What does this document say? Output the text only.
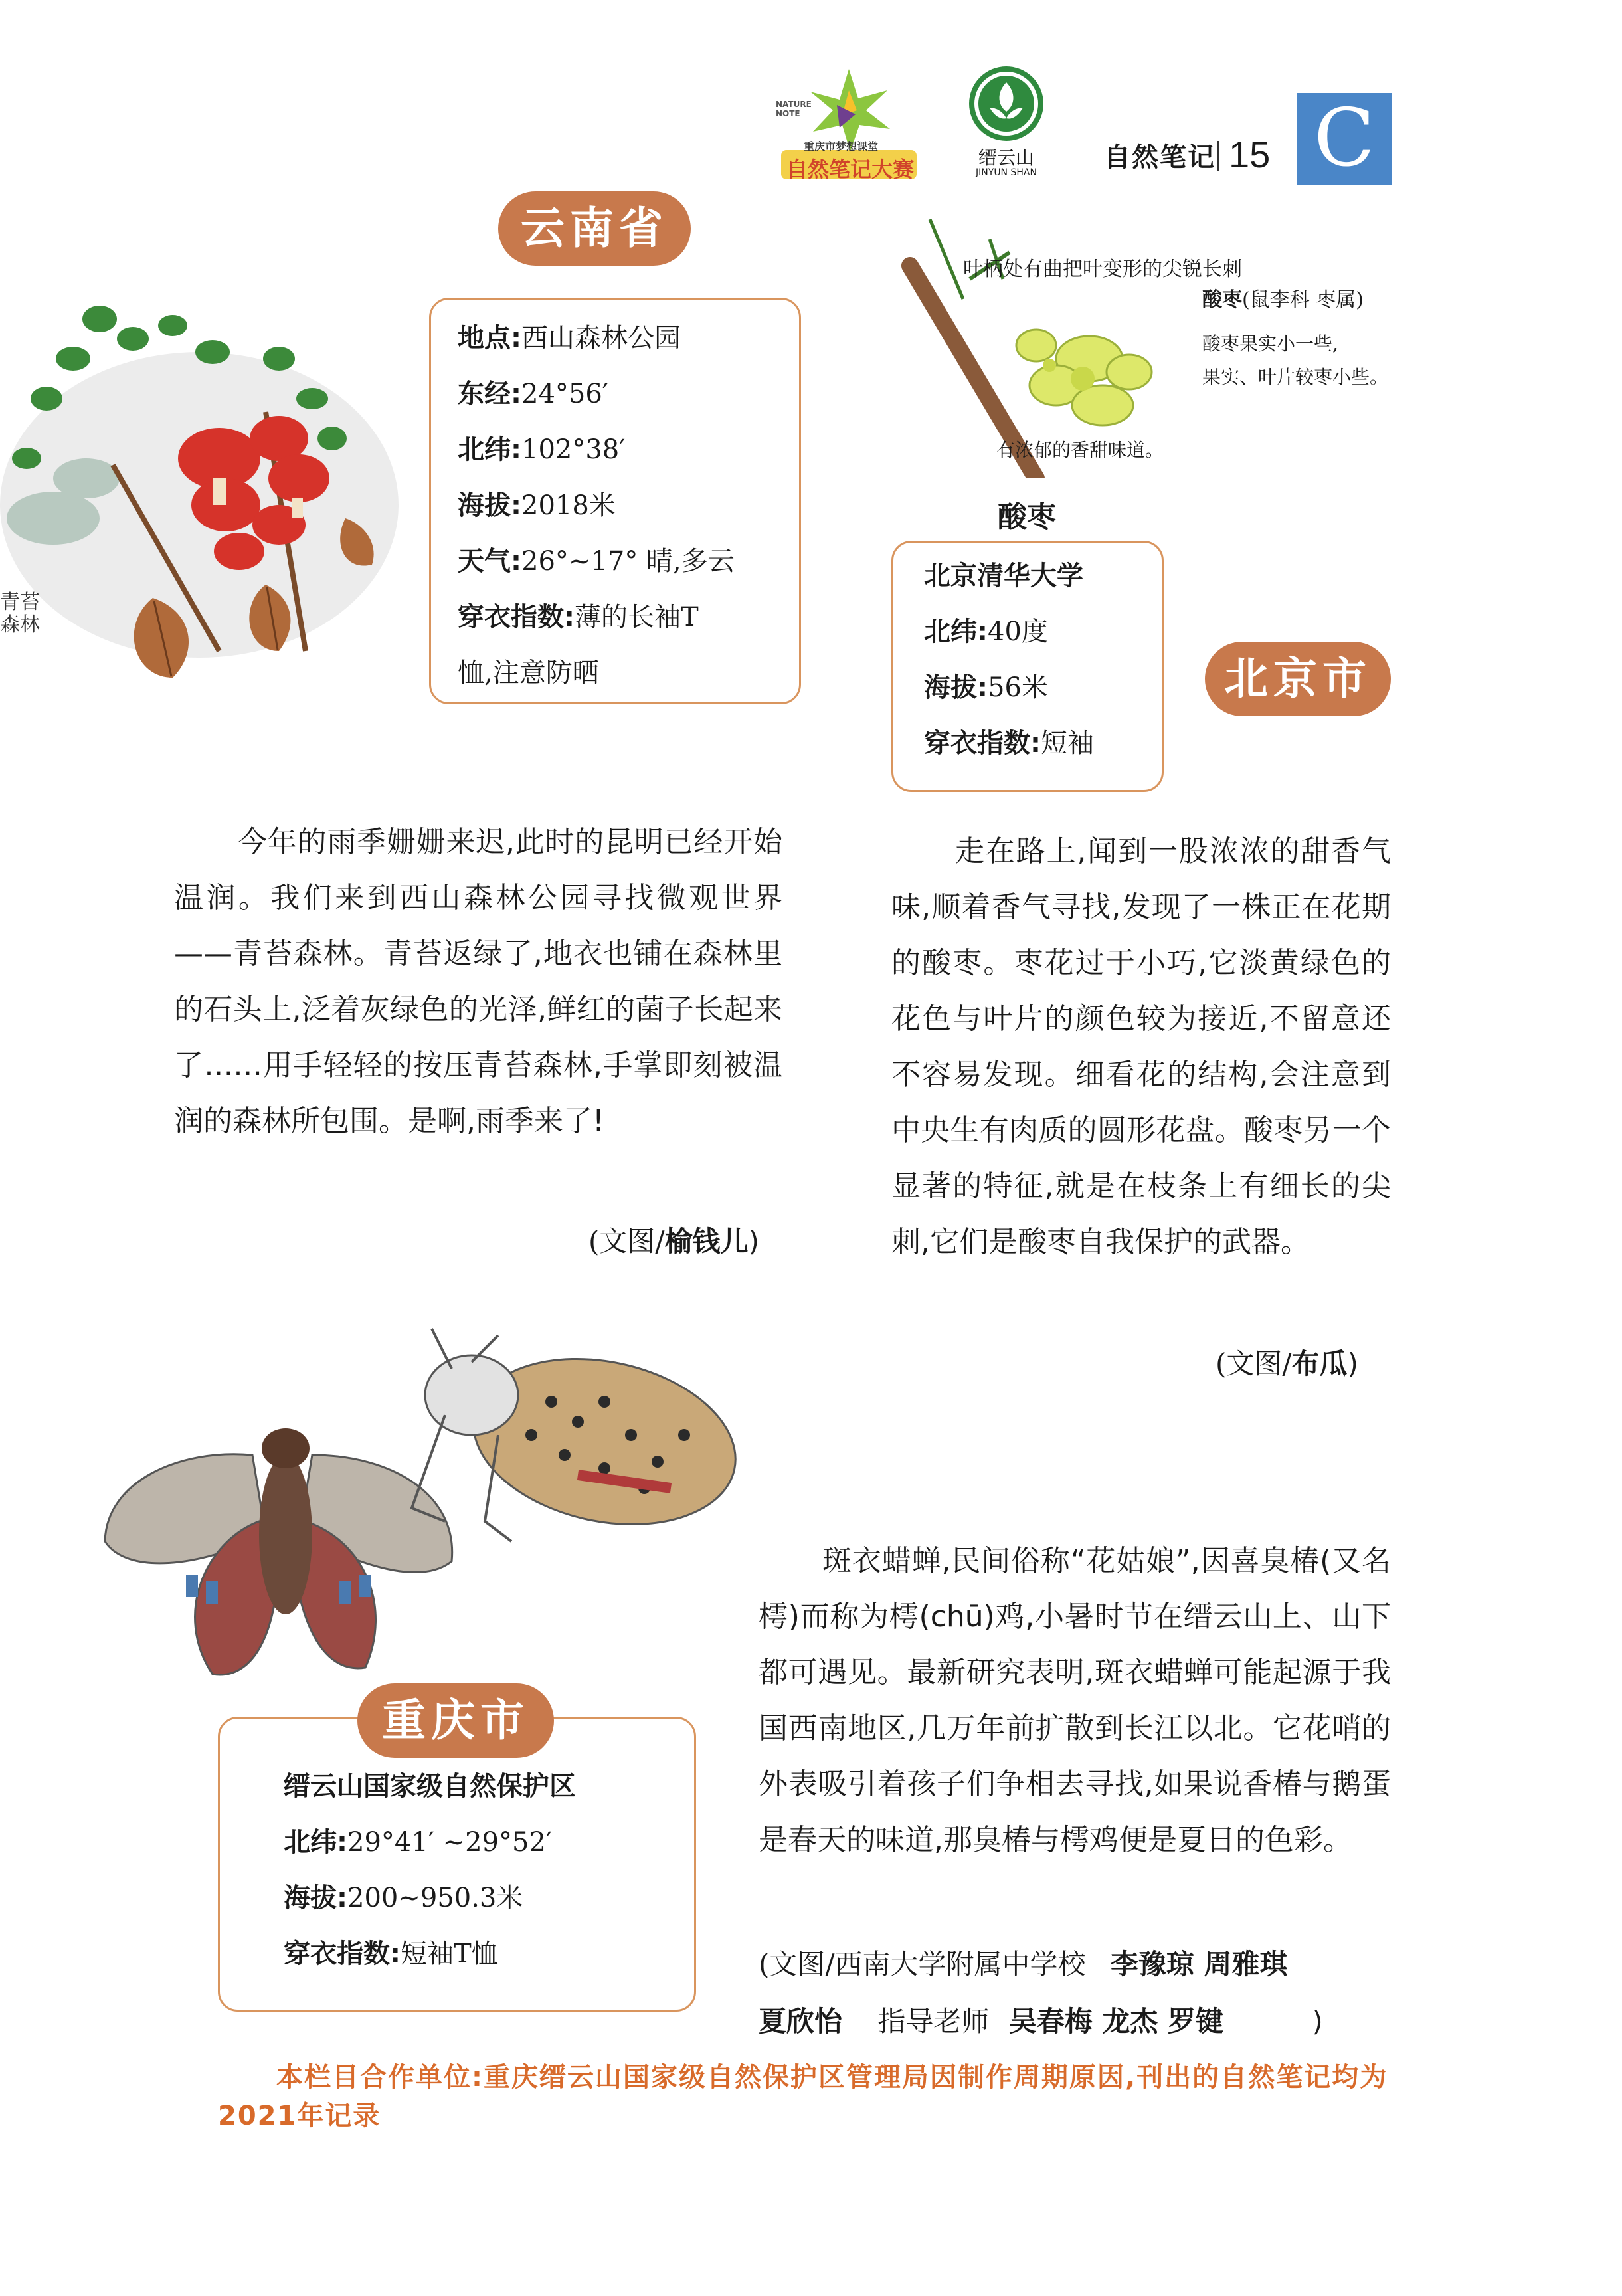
NATURE NOTE
重庆市梦想课堂
自然笔记大赛	缙云山
JINYUN SHAN	自然笔记 15 C
青苔森林
云南省
地点:西山森林公园
东经:24°56′
北纬:102°38′
海拔:2018米
天气:26°~17° 晴,多云
穿衣指数:薄的长袖T
恤,注意防晒
今年的雨季姗姗来迟,此时的昆明已经开始温润。我们来到西山森林公园寻找微观世界——青苔森林。青苔返绿了,地衣也铺在森林里的石头上,泛着灰绿色的光泽,鲜红的菌子长起来了……用手轻轻的按压青苔森林,手掌即刻被温润的森林所包围。是啊,雨季来了!
(文图/榆钱儿)
叶柄处有曲把叶变形的尖锐长刺
酸枣(鼠李科 枣属)
酸枣果实小一些,
果实、叶片较枣小些。
有浓郁的香甜味道。
酸枣
北京清华大学
北纬:40度
海拔:56米
穿衣指数:短袖
北京市
走在路上,闻到一股浓浓的甜香气味,顺着香气寻找,发现了一株正在花期的酸枣。枣花过于小巧,它淡黄绿色的花色与叶片的颜色较为接近,不留意还不容易发现。细看花的结构,会注意到中央生有肉质的圆形花盘。酸枣另一个显著的特征,就是在枝条上有细长的尖刺,它们是酸枣自我保护的武器。
(文图/布瓜)
缙云山国家级自然保护区
北纬:29°41′ ~29°52′
海拔:200~950.3米
穿衣指数:短袖T恤
重庆市
斑衣蜡蝉,民间俗称“花姑娘”,因喜臭椿(又名樗)而称为樗(chū)鸡,小暑时节在缙云山上、山下都可遇见。最新研究表明,斑衣蜡蝉可能起源于我国西南地区,几万年前扩散到长江以北。它花哨的外表吸引着孩子们争相去寻找,如果说香椿与鹅蛋是春天的味道,那臭椿与樗鸡便是夏日的色彩。
(文图/西南大学附属中学校 李豫琼 周雅琪
夏欣怡 指导老师 吴春梅 龙杰 罗键	)
本栏目合作单位:重庆缙云山国家级自然保护区管理局因制作周期原因,刊出的自然笔记均为2021年记录
